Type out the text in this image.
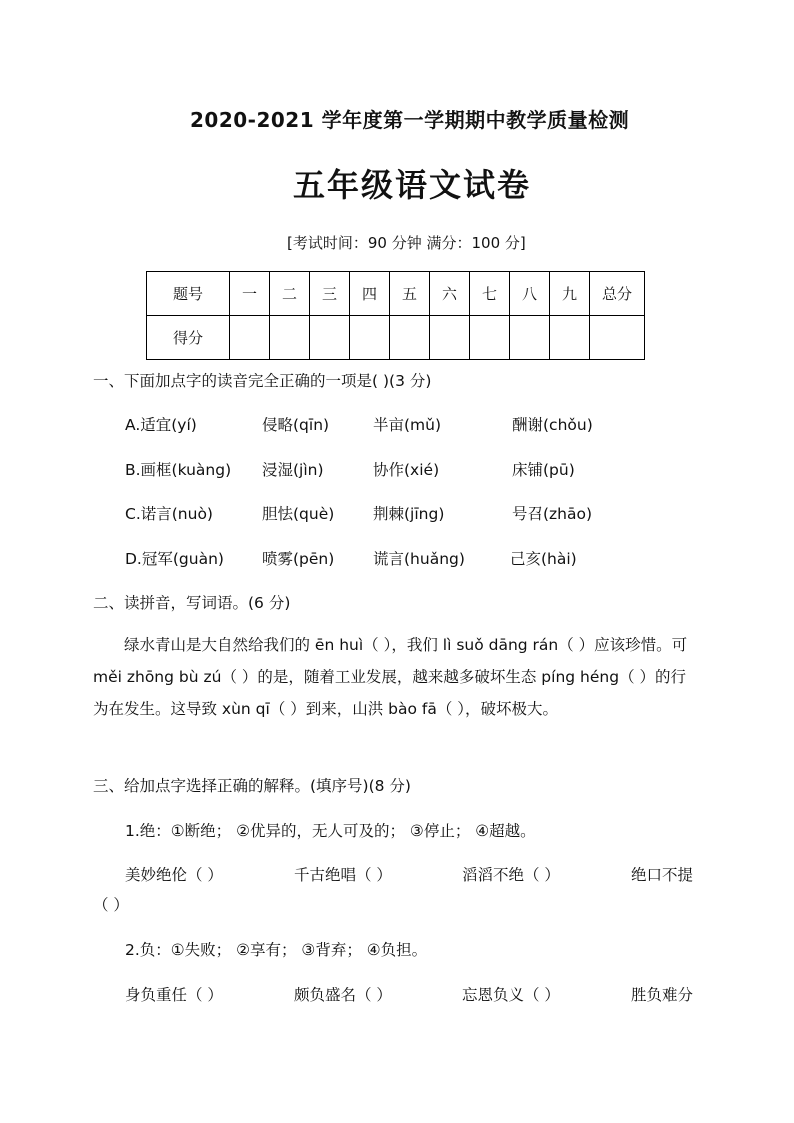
2020-2021 学年度第一学期期中教学质量检测
五年级语文试卷
[考试时间：90 分钟 满分：100 分]
题号	一	二	三	四	五	六	七	八	九	总分
得分										
一、下面加点字的读音完全正确的一项是( )(3 分)
A.适宜(yí)	侵略(qīn)	半亩(mǔ)	酬谢(chǒu)
B.画框(kuàng) 浸湿(jìn)	协作(xié)	床铺(pū)
C.诺言(nuò)	胆怯(què) 荆棘(jīng)	号召(zhāo)
D.冠军(guàn) 喷雾(pēn) 谎言(huǎng)	己亥(hài)
二、读拼音，写词语。(6 分)
绿水青山是大自然给我们的 ēn huì（ ），我们 lì suǒ dāng rán（ ）应该珍惜。可 měi zhōng bù zú（ ）的是，随着工业发展，越来越多破坏生态 píng héng（ ）的行为在发生。这导致 xùn qī（ ）到来，山洪 bào fā（ ），破坏极大。
三、给加点字选择正确的解释。(填序号)(8 分)
1.绝：①断绝； ②优异的，无人可及的； ③停止； ④超越。
美妙绝伦（ ）	千古绝唱（ ）	滔滔不绝（ ）	绝口不提
（ ）
2.负：①失败； ②享有； ③背弃； ④负担。
身负重任（ ）	颇负盛名（ ）	忘恩负义（ ）	胜负难分
